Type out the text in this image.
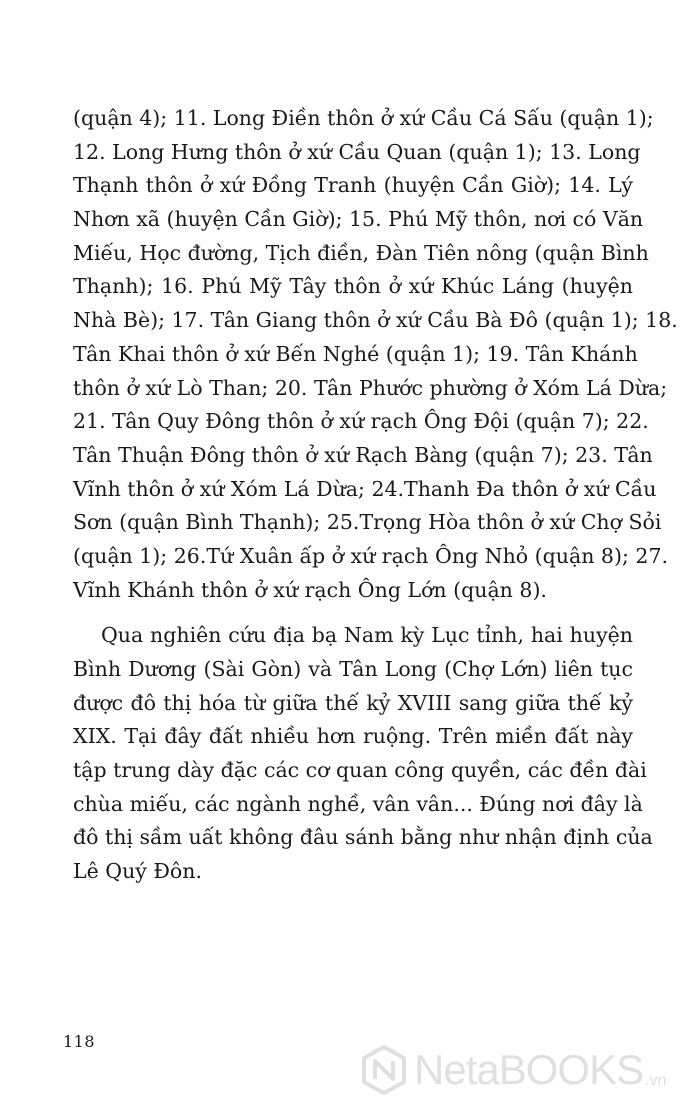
(quận 4); 11. Long Điền thôn ở xứ Cầu Cá Sấu (quận 1);
12. Long Hưng thôn ở xứ Cầu Quan (quận 1); 13. Long
Thạnh thôn ở xứ Đồng Tranh (huyện Cần Giờ); 14. Lý
Nhơn xã (huyện Cần Giờ); 15. Phú Mỹ thôn, nơi có Văn
Miếu, Học đường, Tịch điền, Đàn Tiên nông (quận Bình
Thạnh); 16. Phú Mỹ Tây thôn ở xứ Khúc Láng (huyện
Nhà Bè); 17. Tân Giang thôn ở xứ Cầu Bà Đô (quận 1); 18.
Tân Khai thôn ở xứ Bến Nghé (quận 1); 19. Tân Khánh
thôn ở xứ Lò Than; 20. Tân Phước phường ở Xóm Lá Dừa;
21. Tân Quy Đông thôn ở xứ rạch Ông Đội (quận 7); 22.
Tân Thuận Đông thôn ở xứ Rạch Bàng (quận 7); 23. Tân
Vĩnh thôn ở xứ Xóm Lá Dừa; 24.Thanh Đa thôn ở xứ Cầu
Sơn (quận Bình Thạnh); 25.Trọng Hòa thôn ở xứ Chợ Sỏi
(quận 1); 26.Tứ Xuân ấp ở xứ rạch Ông Nhỏ (quận 8); 27.
Vĩnh Khánh thôn ở xứ rạch Ông Lớn (quận 8).
Qua nghiên cứu địa bạ Nam kỳ Lục tỉnh, hai huyện
Bình Dương (Sài Gòn) và Tân Long (Chợ Lớn) liên tục
được đô thị hóa từ giữa thế kỷ XVIII sang giữa thế kỷ
XIX. Tại đây đất nhiều hơn ruộng. Trên miền đất này
tập trung dày đặc các cơ quan công quyền, các đền đài
chùa miếu, các ngành nghề, vân vân... Đúng nơi đây là
đô thị sầm uất không đâu sánh bằng như nhận định của
Lê Quý Đôn.
118
NetaBOOKS .vn
